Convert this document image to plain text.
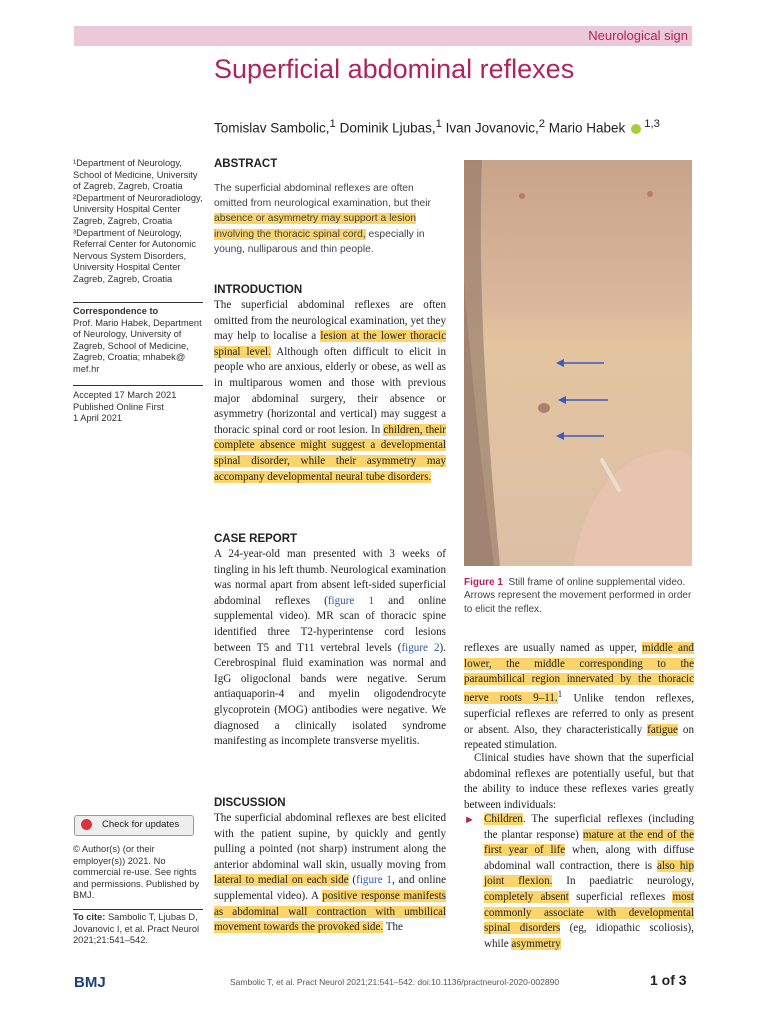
Neurological sign
Superficial abdominal reflexes
Tomislav Sambolic,$^1$ Dominik Ljubas,$^1$ Ivan Jovanovic,$^2$ Mario Habek $^{1,3}$

¹Department of Neurology, School of Medicine, University of Zagreb, Zagreb, Croatia

²Department of Neuroradiology, University Hospital Center Zagreb, Zagreb, Croatia

³Department of Neurology, Referral Center for Autonomic Nervous System Disorders, University Hospital Center Zagreb, Zagreb, Croatia

Correspondence to
Prof. Mario Habek, Department of Neurology, University of Zagreb, School of Medicine, Zagreb, Croatia; mhabek@ mef.hr
Accepted 17 March 2021
Published Online First
1 April 2021
Check for updates
© Author(s) (or their employer(s)) 2021. No commercial re-use. See rights and permissions. Published by BMJ.
To cite: Sambolic T, Ljubas D, Jovanovic I, et al. Pract Neurol 2021;21:541–542.
ABSTRACT
The superficial abdominal reflexes are often omitted from neurological examination, but their absence or asymmetry may support a lesion involving the thoracic spinal cord, especially in young, nulliparous and thin people.
INTRODUCTION
The superficial abdominal reflexes are often omitted from the neurological examination, yet they may help to localise a lesion at the lower thoracic spinal level. Although often difficult to elicit in people who are anxious, elderly or obese, as well as in multiparous women and those with previous major abdominal surgery, their absence or asymmetry (horizontal and vertical) may suggest a thoracic spinal cord or root lesion. In children, their complete absence might suggest a developmental spinal disorder, while their asymmetry may accompany developmental neural tube disorders.
CASE REPORT
A 24-year-old man presented with 3 weeks of tingling in his left thumb. Neurological examination was normal apart from absent left-sided superficial abdominal reflexes (figure 1 and online supplemental video). MR scan of thoracic spine identified three T2-hyperintense cord lesions between T5 and T11 vertebral levels (figure 2). Cerebrospinal fluid examination was normal and IgG oligoclonal bands were negative. Serum antiaquaporin-4 and myelin oligodendrocyte glycoprotein (MOG) antibodies were negative. We diagnosed a clinically isolated syndrome manifesting as incomplete transverse myelitis.
DISCUSSION
The superficial abdominal reflexes are best elicited with the patient supine, by quickly and gently pulling a pointed (not sharp) instrument along the anterior abdominal wall skin, usually moving from lateral to medial on each side (figure 1, and online supplemental video). A positive response manifests as abdominal wall contraction with umbilical movement towards the provoked side. The
Figure 1 Still frame of online supplemental video. Arrows represent the movement performed in order to elicit the reflex.
reflexes are usually named as upper, middle and lower, the middle corresponding to the paraumbilical region innervated by the thoracic nerve roots 9–11.$^1$ Unlike tendon reflexes, superficial reflexes are referred to only as present or absent. Also, they characteristically fatigue on repeated stimulation.
Clinical studies have shown that the superficial abdominal reflexes are potentially useful, but that the ability to induce these reflexes varies greatly between individuals:
► Children. The superficial reflexes (including the plantar response) mature at the end of the first year of life when, along with diffuse abdominal wall contraction, there is also hip joint flexion. In paediatric neurology, completely absent superficial reflexes most commonly associate with developmental spinal disorders (eg, idiopathic scoliosis), while asymmetry
BMJ	Sambolic T, et al. Pract Neurol 2021;21:541–542. doi:10.1136/practneurol-2020-002890	1 of 3
